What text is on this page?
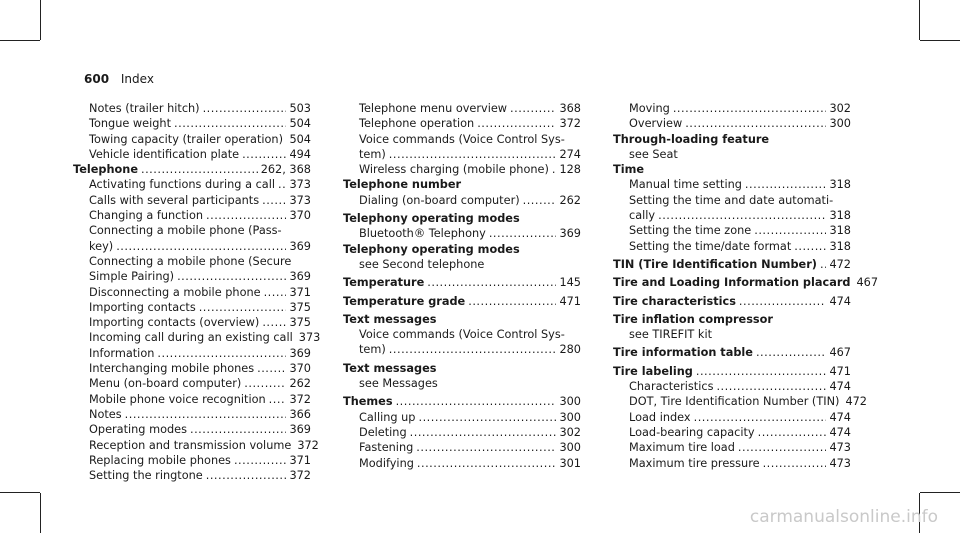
600 Index
Notes (trailer hitch) .....	503
Tongue weight .....	504
Towing capacity (trailer operation) ..... 504
Vehicle identification plate .....	494
Telephone .....	262, 368
Activating functions during a call ..... 373
Calls with several participants .....	373
Changing a function .....	370
Connecting a mobile phone (Pass-
key) .....	369
Connecting a mobile phone (Secure
Simple Pairing) .....	369
Disconnecting a mobile phone .....	371
Importing contacts .....	375
Importing contacts (overview) .....	375
Incoming call during an existing call 373
Information .....	369
Interchanging mobile phones .....	370
Menu (on-board computer) .....	262
Mobile phone voice recognition ..... 372
Notes .....	366
Operating modes .....	369
Reception and transmission volume 372
Replacing mobile phones .....	371
Setting the ringtone .....	372
Telephone menu overview .....	368
Telephone operation .....	372
Voice commands (Voice Control Sys-
tem) .....	274
Wireless charging (mobile phone) ..... 128
Telephone number
Dialing (on-board computer) .....	262
Telephony operating modes
Bluetooth® Telephony .....	369
Telephony operating modes
see Second telephone
Temperature .....	145
Temperature grade .....	471
Text messages
Voice commands (Voice Control Sys-
tem) .....	280
Text messages
see Messages
Themes .....	300
Calling up .....	300
Deleting .....	302
Fastening .....	300
Modifying .....	301
Moving .....	302
Overview .....	300
Through-loading feature
see Seat
Time
Manual time setting .....	318
Setting the time and date automati-
cally .....	318
Setting the time zone .....	318
Setting the time/date format .....	318
TIN (Tire Identification Number) ..... 472
Tire and Loading Information placard 467
Tire characteristics .....	474
Tire inflation compressor
see TIREFIT kit
Tire information table .....	467
Tire labeling .....	471
Characteristics .....	474
DOT, Tire Identification Number (TIN) 472
Load index .....	474
Load-bearing capacity .....	474
Maximum tire load .....	473
Maximum tire pressure .....	473
carmanualsonline.info
